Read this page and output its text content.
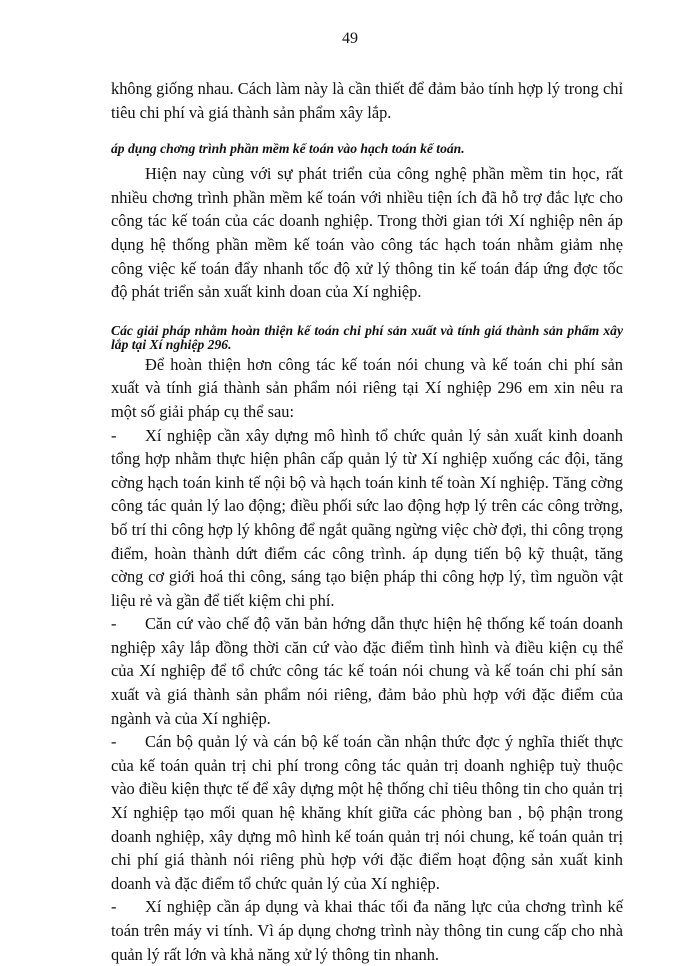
49

không giống nhau. Cách làm này là cần thiết để đảm bảo tính hợp lý trong chỉ tiêu chi phí và giá thành sản phẩm xây lắp.

áp dụng chơng trình phần mềm kế toán vào hạch toán kế toán.

Hiện nay cùng với sự phát triển của công nghệ phần mềm tin học, rất nhiều chơng trình phần mềm kế toán với nhiều tiện ích đã hỗ trợ đắc lực cho công tác kế toán của các doanh nghiệp. Trong thời gian tới Xí nghiệp nên áp dụng hệ thống phần mềm kế toán vào công tác hạch toán nhằm giảm nhẹ công việc kế toán đẩy nhanh tốc độ xử lý thông tin kế toán đáp ứng đợc tốc độ phát triển sản xuất kinh doan của Xí nghiệp.

Các giải pháp nhằm hoàn thiện kế toán chi phí sản xuất và tính giá thành sản phẩm xây lắp tại Xí nghiệp 296.

Để hoàn thiện hơn công tác kế toán nói chung và kế toán chi phí sản xuất và tính giá thành sản phẩm nói riêng tại Xí nghiệp 296 em xin nêu ra một số giải pháp cụ thể sau:

- Xí nghiệp cần xây dựng mô hình tổ chức quản lý sản xuất kinh doanh tổng hợp nhằm thực hiện phân cấp quản lý từ Xí nghiệp xuống các đội, tăng cờng hạch toán kinh tế nội bộ và hạch toán kinh tế toàn Xí nghiệp. Tăng cờng công tác quản lý lao động; điều phối sức lao động hợp lý trên các công trờng, bố trí thi công hợp lý không để ngắt quãng ngừng việc chờ đợi, thi công trọng điểm, hoàn thành dứt điểm các công trình. áp dụng tiến bộ kỹ thuật, tăng cờng cơ giới hoá thi công, sáng tạo biện pháp thi công hợp lý, tìm nguồn vật liệu rẻ và gần để tiết kiệm chi phí.

- Căn cứ vào chế độ văn bản hớng dẫn thực hiện hệ thống kế toán doanh nghiệp xây lắp đồng thời căn cứ vào đặc điểm tình hình và điều kiện cụ thể của Xí nghiệp để tổ chức công tác kế toán nói chung và kế toán chi phí sản xuất và giá thành sản phẩm nói riêng, đảm bảo phù hợp với đặc điểm của ngành và của Xí nghiệp.

- Cán bộ quản lý và cán bộ kế toán cần nhận thức đợc ý nghĩa thiết thực của kế toán quản trị chi phí trong công tác quản trị doanh nghiệp tuỳ thuộc vào điều kiện thực tế để xây dựng một hệ thống chỉ tiêu thông tin cho quản trị Xí nghiệp tạo mối quan hệ khăng khít giữa các phòng ban , bộ phận trong doanh nghiệp, xây dựng mô hình kế toán quản trị nói chung, kế toán quản trị chi phí giá thành nói riêng phù hợp với đặc điểm hoạt động sản xuất kinh doanh và đặc điểm tổ chức quản lý của Xí nghiệp.

- Xí nghiệp cần áp dụng và khai thác tối đa năng lực của chơng trình kế toán trên máy vi tính. Vì áp dụng chơng trình này thông tin cung cấp cho nhà quản lý rất lớn và khả năng xử lý thông tin nhanh.
